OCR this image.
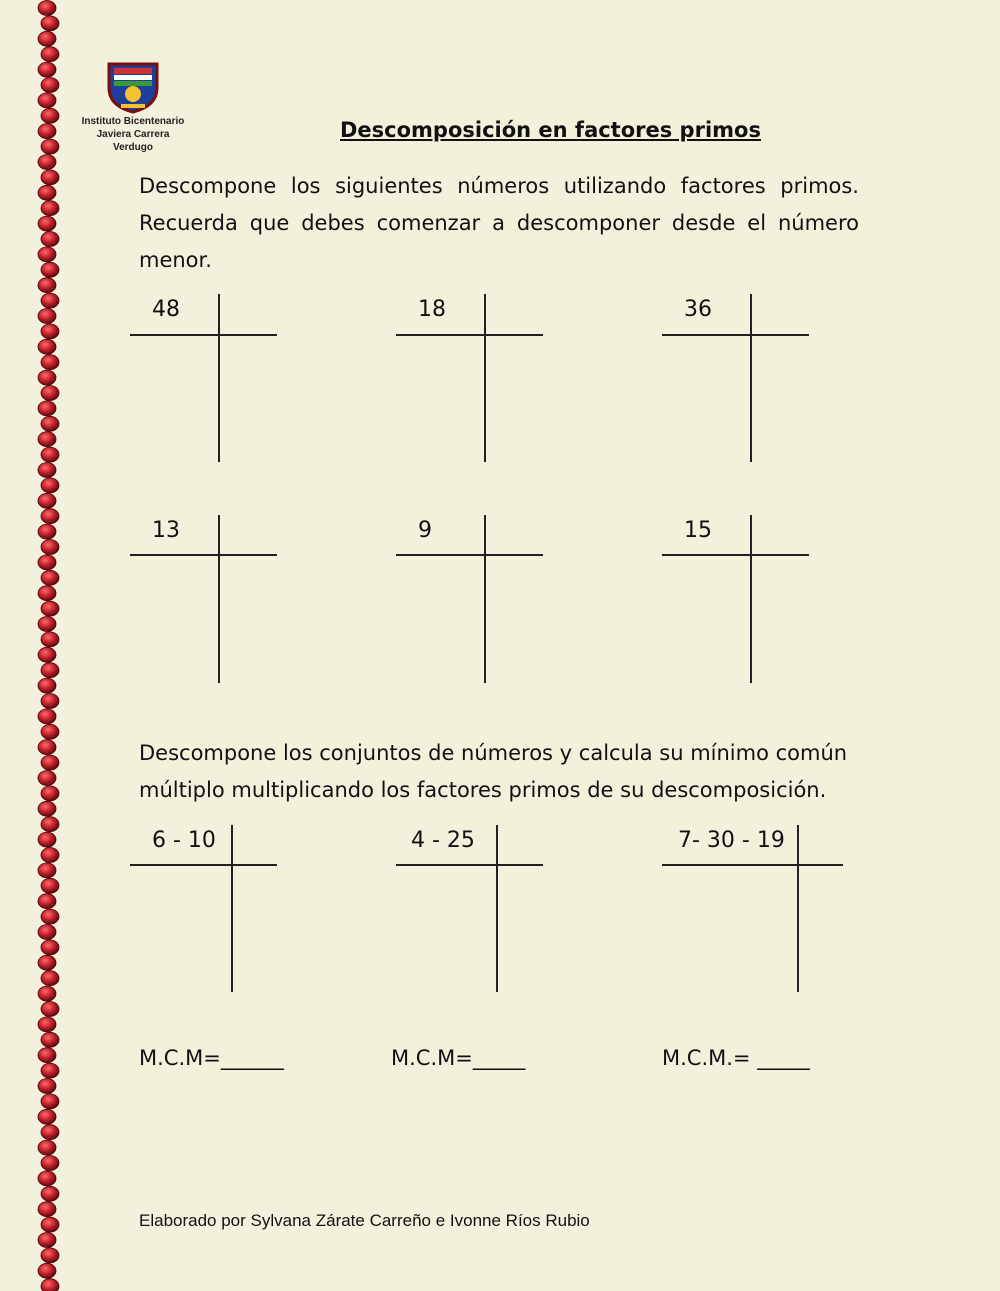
Instituto Bicentenario
Javiera Carrera
Verdugo
Descomposición en factores primos
Descompone los siguientes números utilizando factores primos. Recuerda que debes comenzar a descomponer desde el número menor.
48	18	36
13	9	15
Descompone los conjuntos de números y calcula su mínimo común múltiplo multiplicando los factores primos de su descomposición.
6 - 10	4 - 25	7- 30 - 19
M.C.M=______	M.C.M=_____	M.C.M.= _____
Elaborado por Sylvana Zárate Carreño e Ivonne Ríos Rubio
